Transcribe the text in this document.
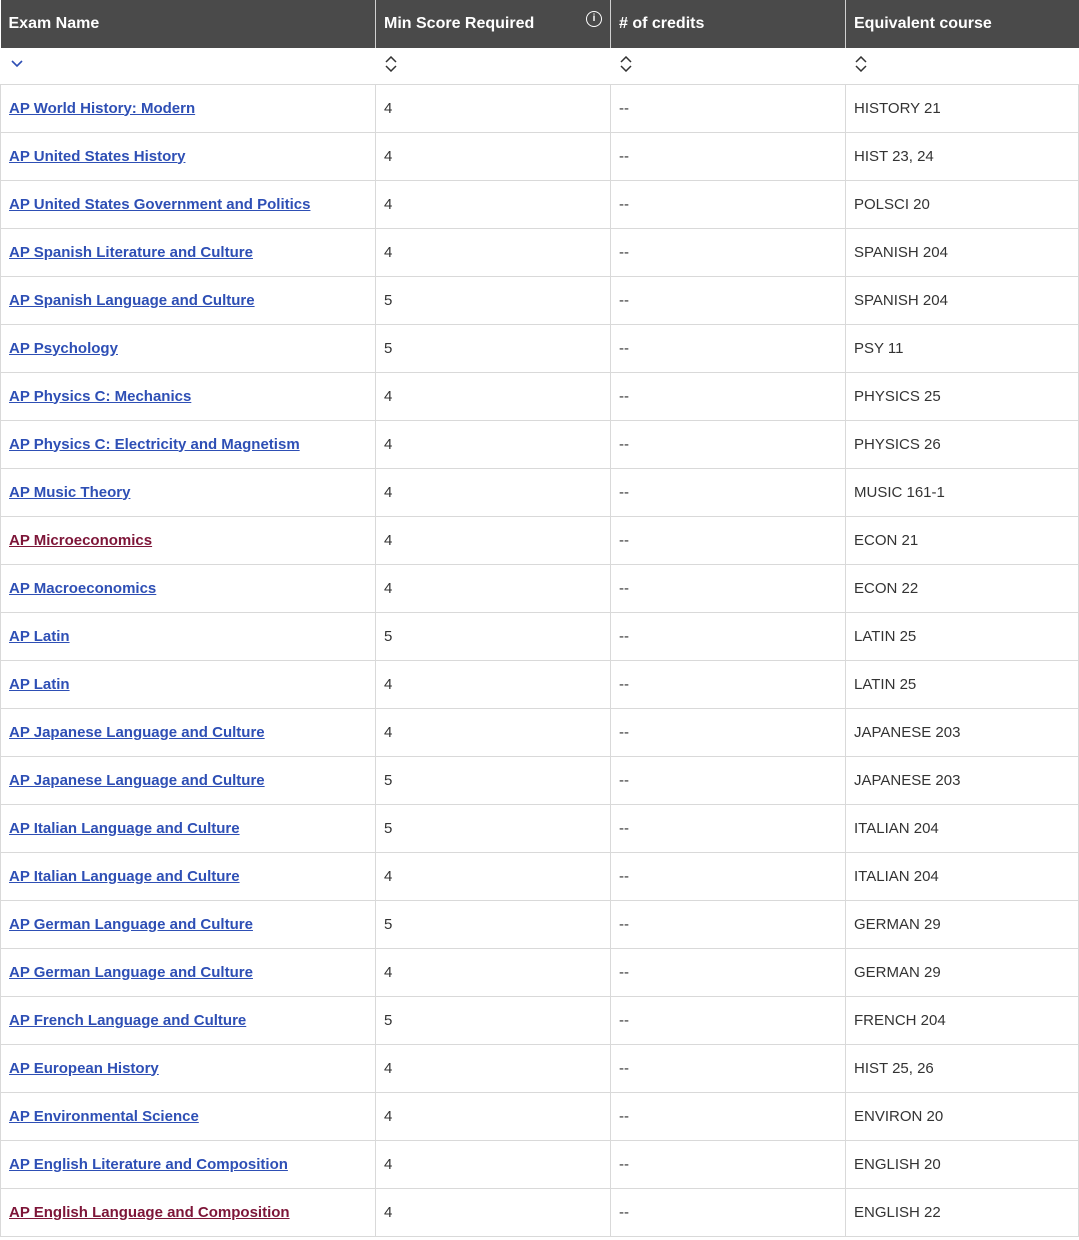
Exam Name	Min Score Required i	# of credits	Equivalent course

AP World History: Modern	4	--	HISTORY 21
AP United States History	4	--	HIST 23, 24
AP United States Government and Politics	4	--	POLSCI 20
AP Spanish Literature and Culture	4	--	SPANISH 204
AP Spanish Language and Culture	5	--	SPANISH 204
AP Psychology	5	--	PSY 11
AP Physics C: Mechanics	4	--	PHYSICS 25
AP Physics C: Electricity and Magnetism	4	--	PHYSICS 26
AP Music Theory	4	--	MUSIC 161-1
AP Microeconomics	4	--	ECON 21
AP Macroeconomics	4	--	ECON 22
AP Latin	5	--	LATIN 25
AP Latin	4	--	LATIN 25
AP Japanese Language and Culture	4	--	JAPANESE 203
AP Japanese Language and Culture	5	--	JAPANESE 203
AP Italian Language and Culture	5	--	ITALIAN 204
AP Italian Language and Culture	4	--	ITALIAN 204
AP German Language and Culture	5	--	GERMAN 29
AP German Language and Culture	4	--	GERMAN 29
AP French Language and Culture	5	--	FRENCH 204
AP European History	4	--	HIST 25, 26
AP Environmental Science	4	--	ENVIRON 20
AP English Literature and Composition	4	--	ENGLISH 20
AP English Language and Composition	4	--	ENGLISH 22
